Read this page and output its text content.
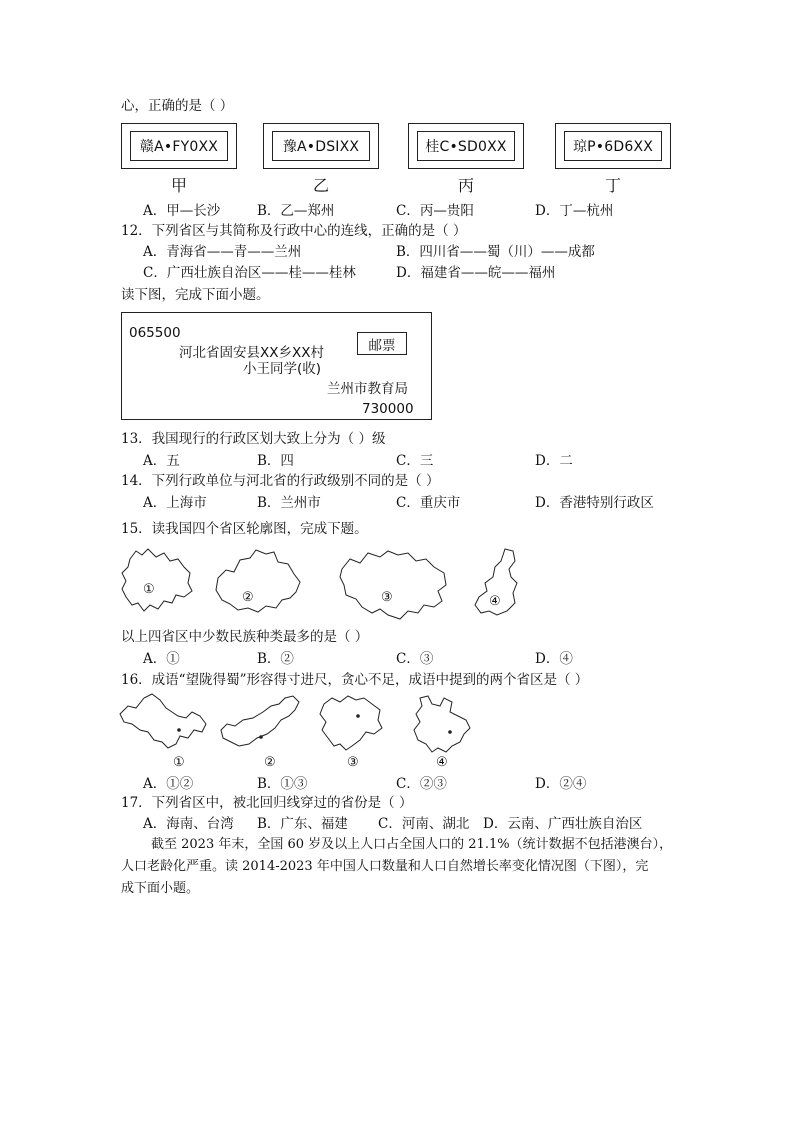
心，正确的是（ ）
赣A•FY0XX	豫A•DSIXX	桂C•SD0XX	琼P•6D6XX
甲	乙	丙	丁
A．甲—长沙	B．乙—郑州	C．丙—贵阳	D．丁—杭州
12．下列省区与其简称及行政中心的连线，正确的是（ ）
A．青海省——青——兰州	B．四川省——蜀（川）——成都
C．广西壮族自治区——桂——桂林	D．福建省——皖——福州
读下图，完成下面小题。
065500
河北省固安县XX乡XX村	邮票
小王同学(收)
兰州市教育局
730000
13．我国现行的行政区划大致上分为（ ）级
A．五	B．四	C．三	D．二
14．下列行政单位与河北省的行政级别不同的是（ ）
A．上海市	B．兰州市	C．重庆市	D．香港特别行政区
15．读我国四个省区轮廓图，完成下题。
①
②	③	④
以上四省区中少数民族种类最多的是（ ）
A．①	B．②	C．③	D．④
16．成语“望陇得蜀”形容得寸进尺，贪心不足，成语中提到的两个省区是（ ）
①	②	③	④
A．①②	B．①③	C．②③	D．②④
17．下列省区中，被北回归线穿过的省份是（ ）
A．海南、台湾 B．广东、福建 C．河南、湖北 D．云南、广西壮族自治区
截至 2023 年末，全国 60 岁及以上人口占全国人口的 21.1%（统计数据不包括港澳台），
人口老龄化严重。读 2014-2023 年中国人口数量和人口自然增长率变化情况图（下图），完
成下面小题。
